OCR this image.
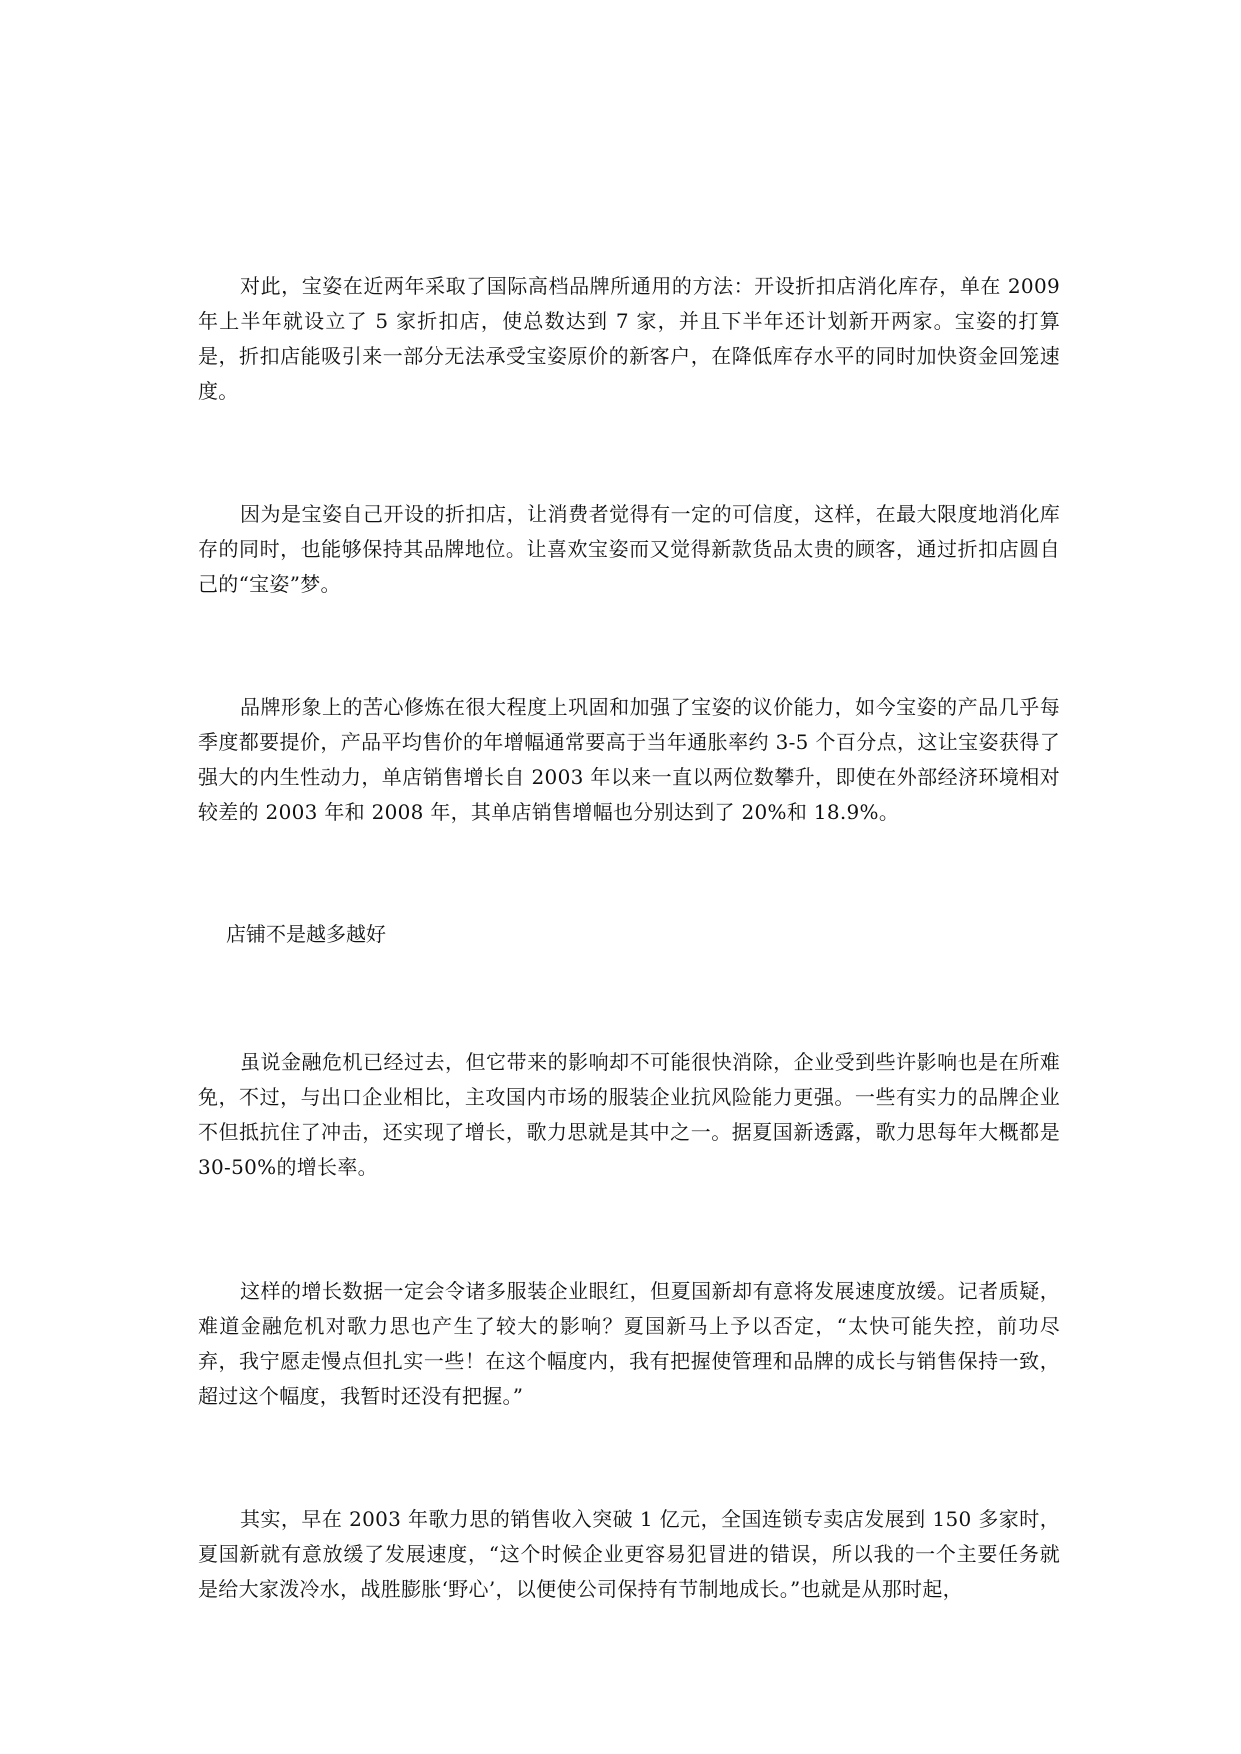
对此，宝姿在近两年采取了国际高档品牌所通用的方法：开设折扣店消化库存，单在 2009 年上半年就设立了 5 家折扣店，使总数达到 7 家，并且下半年还计划新开两家。宝姿的打算是，折扣店能吸引来一部分无法承受宝姿原价的新客户，在降低库存水平的同时加快资金回笼速度。

因为是宝姿自己开设的折扣店，让消费者觉得有一定的可信度，这样，在最大限度地消化库存的同时，也能够保持其品牌地位。让喜欢宝姿而又觉得新款货品太贵的顾客，通过折扣店圆自己的“宝姿”梦。

品牌形象上的苦心修炼在很大程度上巩固和加强了宝姿的议价能力，如今宝姿的产品几乎每季度都要提价，产品平均售价的年增幅通常要高于当年通胀率约 3-5 个百分点，这让宝姿获得了强大的内生性动力，单店销售增长自 2003 年以来一直以两位数攀升，即使在外部经济环境相对较差的 2003 年和 2008 年，其单店销售增幅也分别达到了 20%和 18.9%。

店铺不是越多越好

虽说金融危机已经过去，但它带来的影响却不可能很快消除，企业受到些许影响也是在所难免，不过，与出口企业相比，主攻国内市场的服装企业抗风险能力更强。一些有实力的品牌企业不但抵抗住了冲击，还实现了增长，歌力思就是其中之一。据夏国新透露，歌力思每年大概都是 30-50%的增长率。

这样的增长数据一定会令诸多服装企业眼红，但夏国新却有意将发展速度放缓。记者质疑，难道金融危机对歌力思也产生了较大的影响？夏国新马上予以否定，“太快可能失控，前功尽弃，我宁愿走慢点但扎实一些！在这个幅度内，我有把握使管理和品牌的成长与销售保持一致，超过这个幅度，我暂时还没有把握。”

其实，早在 2003 年歌力思的销售收入突破 1 亿元，全国连锁专卖店发展到 150 多家时，夏国新就有意放缓了发展速度，“这个时候企业更容易犯冒进的错误，所以我的一个主要任务就是给大家泼冷水，战胜膨胀‘野心’，以便使公司保持有节制地成长。”也就是从那时起，
